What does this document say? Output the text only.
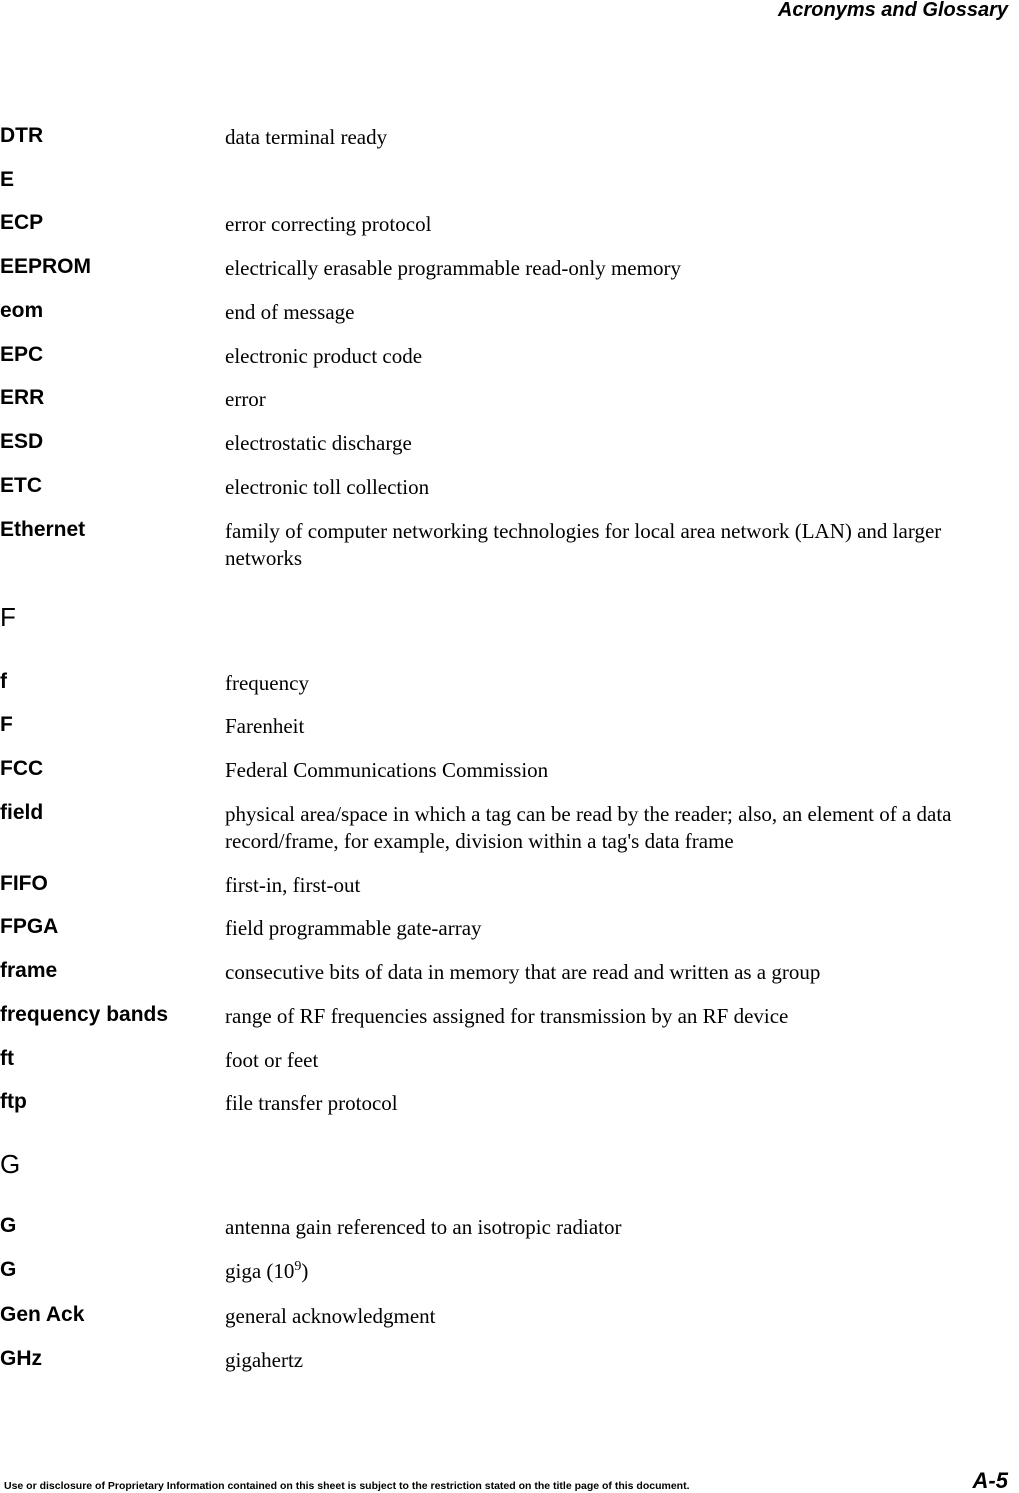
Acronyms and Glossary
DTR	data terminal ready
E
ECP	error correcting protocol
EEPROM	electrically erasable programmable read-only memory
eom	end of message
EPC	electronic product code
ERR	error
ESD	electrostatic discharge
ETC	electronic toll collection
Ethernet	family of computer networking technologies for local area network (LAN) and larger networks
F
f	frequency
F	Farenheit
FCC	Federal Communications Commission
field	physical area/space in which a tag can be read by the reader; also, an element of a data record/frame, for example, division within a tag's data frame
FIFO	first-in, first-out
FPGA	field programmable gate-array
frame	consecutive bits of data in memory that are read and written as a group
frequency bands	range of RF frequencies assigned for transmission by an RF device
ft	foot or feet
ftp	file transfer protocol
G
G	antenna gain referenced to an isotropic radiator
G	giga $(10^9)$
Gen Ack	general acknowledgment
GHz	gigahertz
Use or disclosure of Proprietary Information contained on this sheet is subject to the restriction stated on the title page of this document.	A-5
